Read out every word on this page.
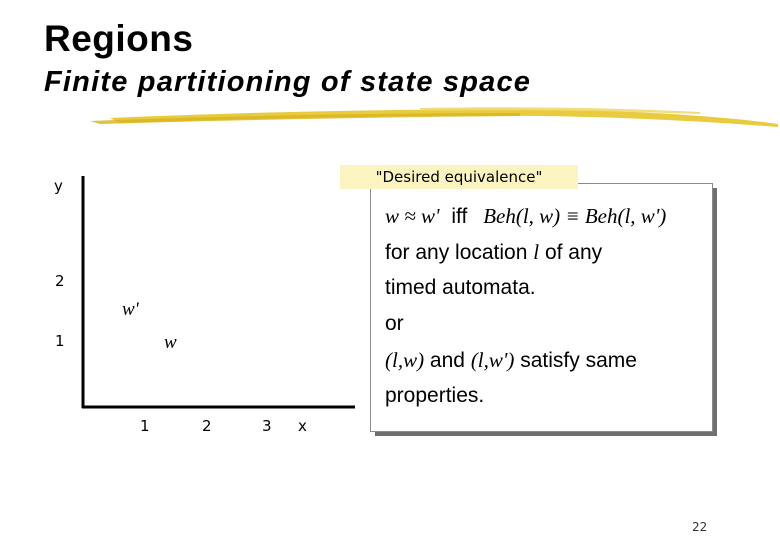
Regions
Finite partitioning of state space
y
2
1
1	2	3 x
w'
w
"Desired equivalence"
w ≈ w' iff Beh(l, w) ≡ Beh(l, w')
for any location l of any
timed automata.
or
(l,w) and (l,w') satisfy same
properties.
22
